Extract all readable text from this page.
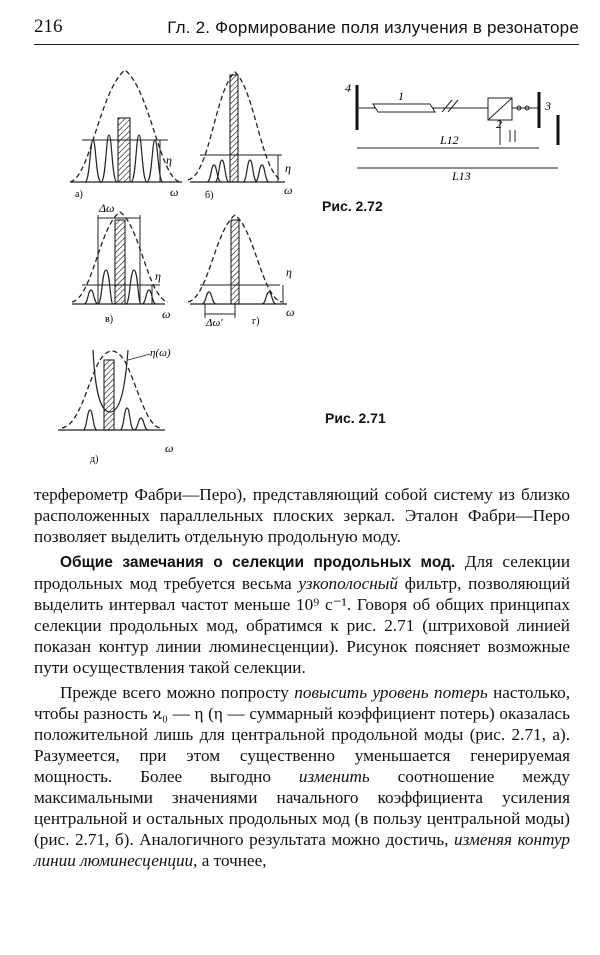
216	Гл. 2. Формирование поля излучения в резонаторе
η
а)	ω
η
б)	ω
Δω
η
в)	ω
η
Δω′	г)
ω
η(ω)
д)
ω
4
1
2
3
L12
L13
Рис. 2.72
Рис. 2.71

терферометр Фабри—Перо), представляющий собой систему из близко расположенных параллельных плоских зеркал. Эталон Фабри—Перо позволяет выделить отдельную продольную моду.

Общие замечания о селекции продольных мод. Для селекции продольных мод требуется весьма узкополосный фильтр, позволяющий выделить интервал частот меньше 10⁹ с⁻¹. Говоря об общих принципах селекции продольных мод, обратимся к рис. 2.71 (штриховой линией показан контур линии люминесценции). Рисунок поясняет возможные пути осуществления такой селекции.

Прежде всего можно попросту повысить уровень потерь настолько, чтобы разность ϰ₀ — η (η — суммарный коэффициент потерь) оказалась положительной лишь для центральной продольной моды (рис. 2.71, а). Разумеется, при этом существенно уменьшается генерируемая мощность. Более выгодно изменить соотношение между максимальными значениями начального коэффициента усиления центральной и остальных продольных мод (в пользу центральной моды) (рис. 2.71, б). Аналогичного результата можно достичь, изменяя контур линии люминесценции, а точнее,
